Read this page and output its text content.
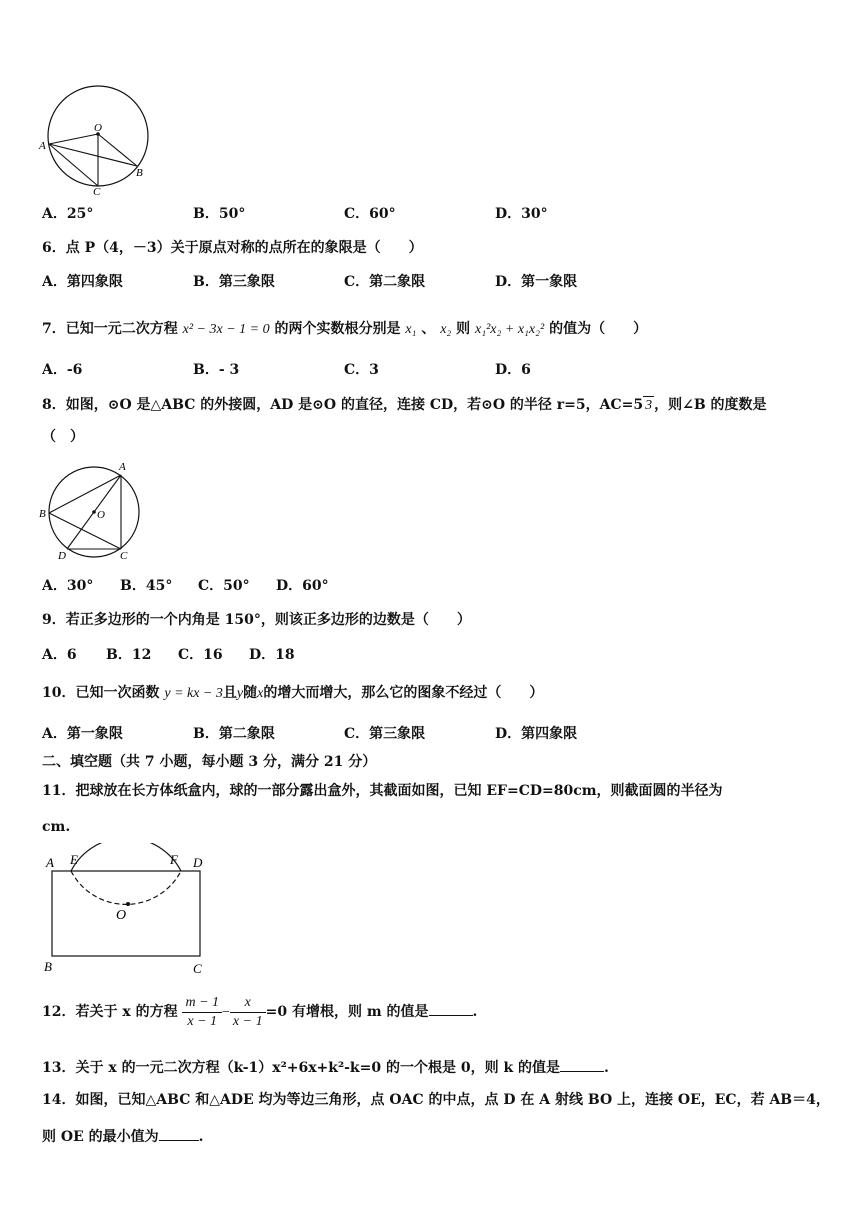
O
A
B
C
A．25°	B．50°	C．60°	D．30°
6．点 P（4，－3）关于原点对称的点所在的象限是（　　）
A．第四象限	B．第三象限	C．第二象限	D．第一象限
7．已知一元二次方程 x² − 3x − 1 = 0 的两个实数根分别是 x₁ 、 x₂ 则 x₁²x₂ + x₁x₂² 的值为（　　）
A．-6	B．- 3	C．3	D．6
8．如图，⊙O 是△ABC 的外接圆，AD 是⊙O 的直径，连接 CD，若⊙O 的半径 r=5，AC=5 3 ，则∠B 的度数是
（　）
A
B	O
D	C
A．30° B．45° C．50° D．60°
9．若正多边形的一个内角是 150°，则该正多边形的边数是（　　）
A．6 B．12 C．16 D．18
10．已知一次函数 y = kx − 3且y随x的增大而增大，那么它的图象不经过（　　）
A．第一象限	B．第二象限	C．第三象限	D．第四象限
二、填空题（共 7 小题，每小题 3 分，满分 21 分）
11．把球放在长方体纸盒内，球的一部分露出盒外，其截面如图，已知 EF=CD=80cm，则截面圆的半径为
cm.
A E	F D
O
B	C
12．若关于 x 的方程 $\frac{m - 1}{x - 1} - \frac{x}{x - 1} =0$ 有增根，则 m 的值是	.
13．关于 x 的一元二次方程（k-1）x²+6x+k²-k=0 的一个根是 0，则 k 的值是	.
14．如图，已知△ABC 和△ADE 均为等边三角形，点 OAC 的中点，点 D 在 A 射线 BO 上，连接 OE，EC，若 AB＝4，
则 OE 的最小值为	.
